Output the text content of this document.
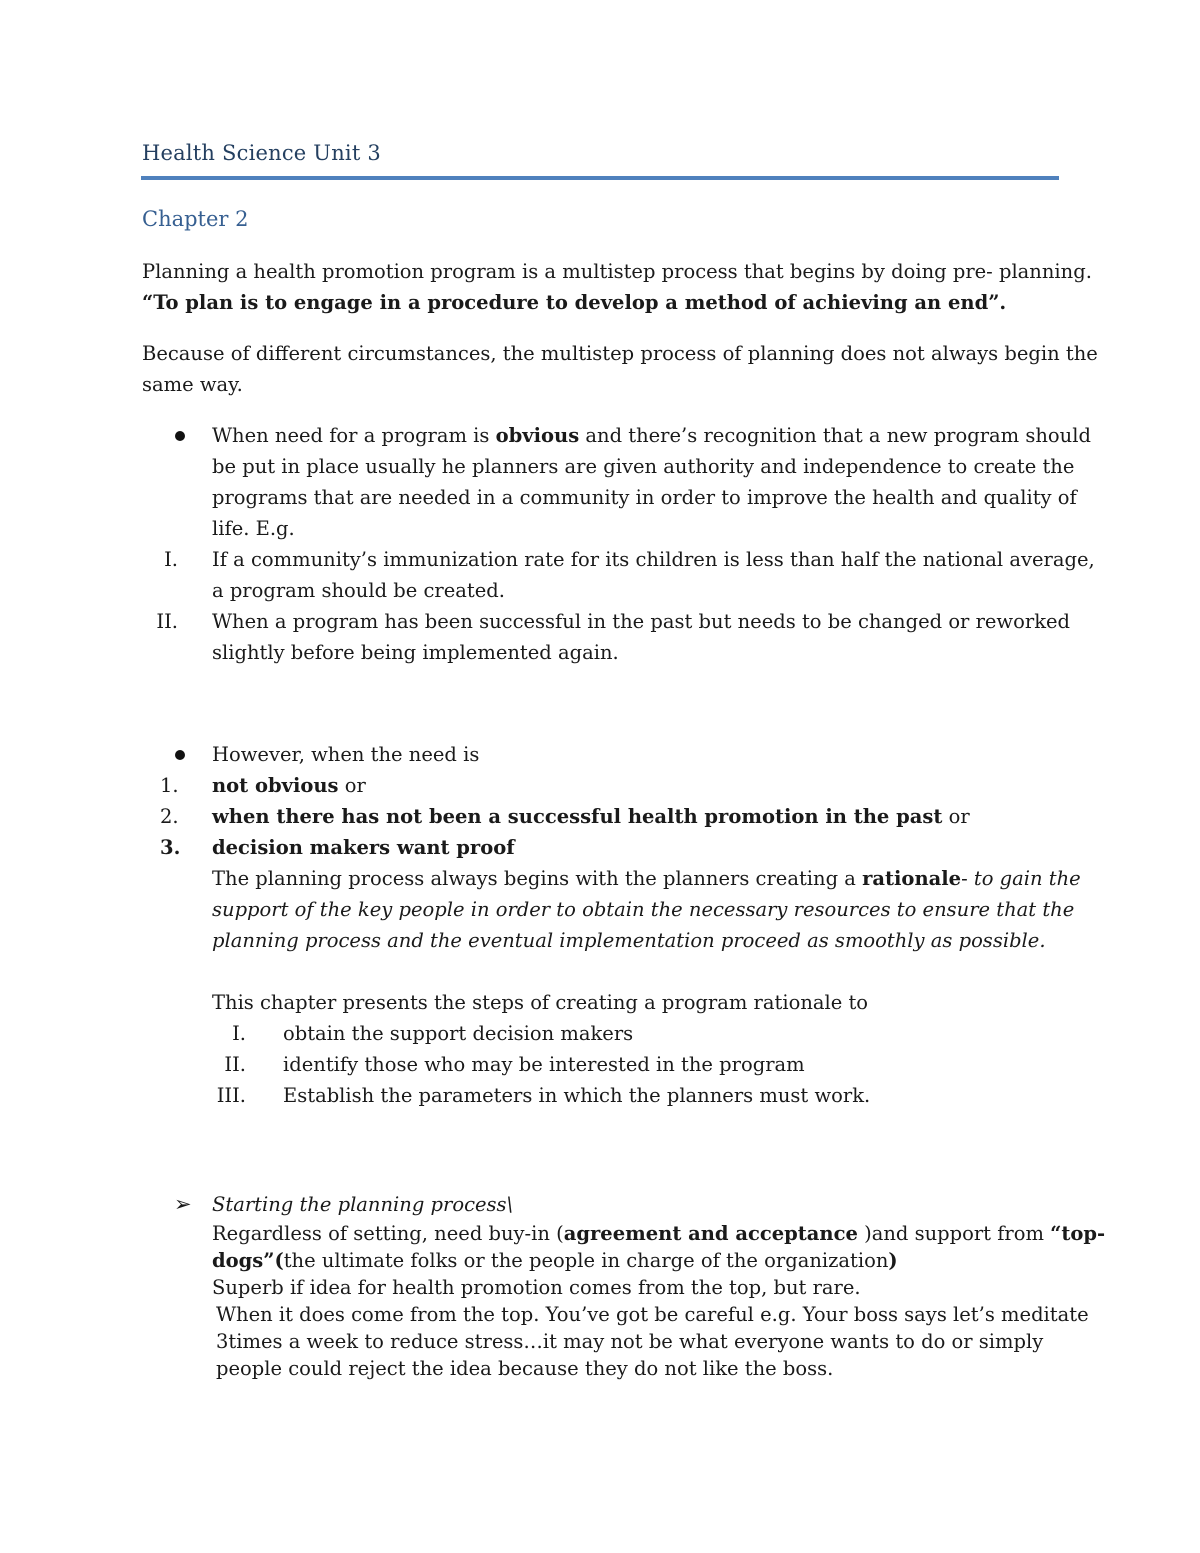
Health Science Unit 3
Chapter 2
Planning a health promotion program is a multistep process that begins by doing pre- planning.
“To plan is to engage in a procedure to develop a method of achieving an end”.
Because of different circumstances, the multistep process of planning does not always begin the
same way.
When need for a program is obvious and there’s recognition that a new program should
be put in place usually he planners are given authority and independence to create the
programs that are needed in a community in order to improve the health and quality of
life. E.g.
I. If a community’s immunization rate for its children is less than half the national average,
a program should be created.
II. When a program has been successful in the past but needs to be changed or reworked
slightly before being implemented again.
However, when the need is
1.	not obvious or
2.	when there has not been a successful health promotion in the past or
3.	decision makers want proof
The planning process always begins with the planners creating a rationale- to gain the
support of the key people in order to obtain the necessary resources to ensure that the
planning process and the eventual implementation proceed as smoothly as possible.
This chapter presents the steps of creating a program rationale to
I. obtain the support decision makers
II. identify those who may be interested in the program
III. Establish the parameters in which the planners must work.
➢ Starting the planning process\
Regardless of setting, need buy-in (agreement and acceptance )and support from “top-
dogs”(the ultimate folks or the people in charge of the organization)
Superb if idea for health promotion comes from the top, but rare.
When it does come from the top. You’ve got be careful e.g. Your boss says let’s meditate
3times a week to reduce stress…it may not be what everyone wants to do or simply
people could reject the idea because they do not like the boss.
